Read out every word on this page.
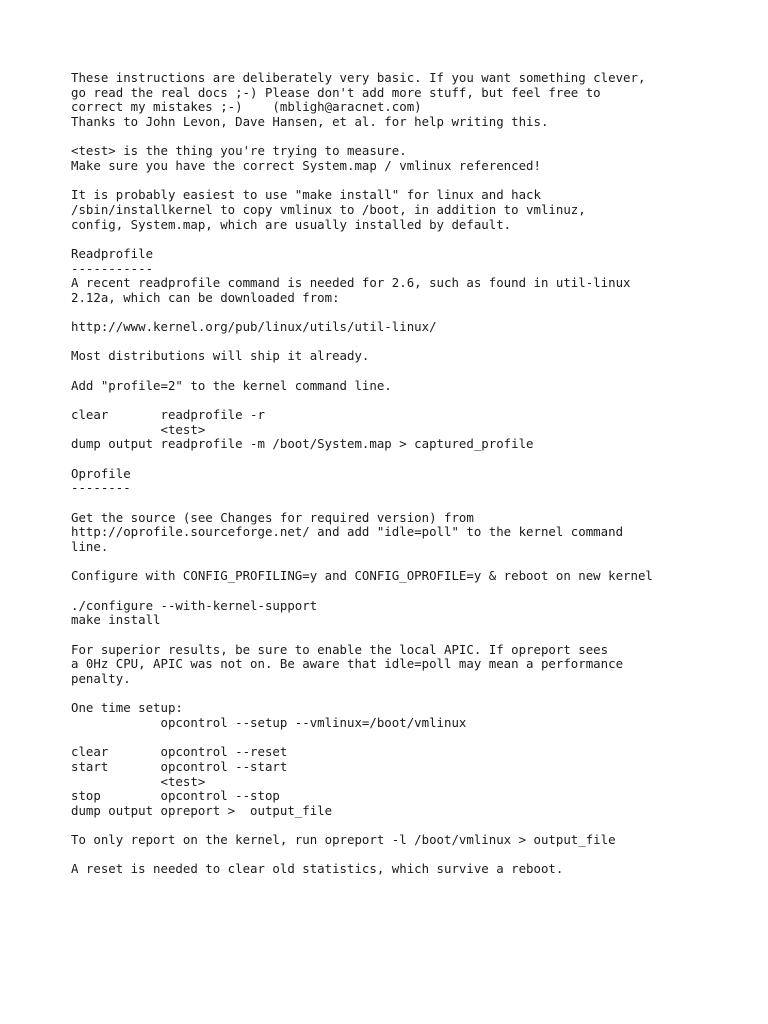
These instructions are deliberately very basic. If you want something clever,
go read the real docs ;-) Please don't add more stuff, but feel free to
correct my mistakes ;-)    (mbligh@aracnet.com)
Thanks to John Levon, Dave Hansen, et al. for help writing this.

<test> is the thing you're trying to measure.
Make sure you have the correct System.map / vmlinux referenced!

It is probably easiest to use "make install" for linux and hack
/sbin/installkernel to copy vmlinux to /boot, in addition to vmlinuz,
config, System.map, which are usually installed by default.

Readprofile
-----------
A recent readprofile command is needed for 2.6, such as found in util-linux
2.12a, which can be downloaded from:

http://www.kernel.org/pub/linux/utils/util-linux/

Most distributions will ship it already.

Add "profile=2" to the kernel command line.

clear       readprofile -r
<test>
dump output readprofile -m /boot/System.map > captured_profile

Oprofile
--------

Get the source (see Changes for required version) from
http://oprofile.sourceforge.net/ and add "idle=poll" to the kernel command
line.

Configure with CONFIG_PROFILING=y and CONFIG_OPROFILE=y & reboot on new kernel

./configure --with-kernel-support
make install

For superior results, be sure to enable the local APIC. If opreport sees
a 0Hz CPU, APIC was not on. Be aware that idle=poll may mean a performance
penalty.

One time setup:
opcontrol --setup --vmlinux=/boot/vmlinux

clear       opcontrol --reset
start       opcontrol --start
<test>
stop        opcontrol --stop
dump output opreport >  output_file

To only report on the kernel, run opreport -l /boot/vmlinux > output_file

A reset is needed to clear old statistics, which survive a reboot.
